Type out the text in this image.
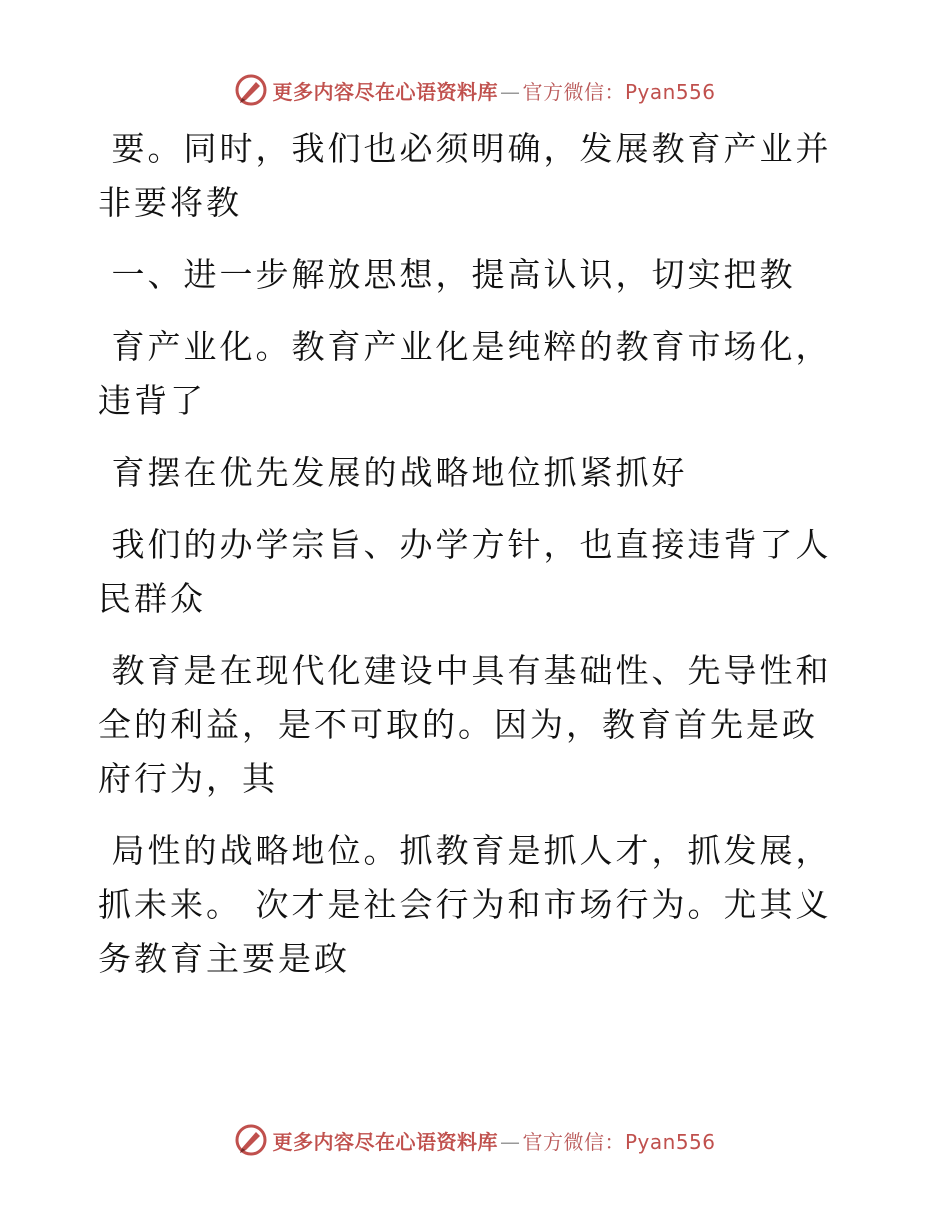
更多内容尽在心语资料库 — 官方微信：Pyan556

要。同时，我们也必须明确，发展教育产业并非要将教

一、进一步解放思想，提高认识，切实把教

育产业化。教育产业化是纯粹的教育市场化，违背了

育摆在优先发展的战略地位抓紧抓好

我们的办学宗旨、办学方针，也直接违背了人民群众

教育是在现代化建设中具有基础性、先导性和全的利益，是不可取的。因为，教育首先是政府行为，其

局性的战略地位。抓教育是抓人才，抓发展，抓未来。 次才是社会行为和市场行为。尤其义务教育主要是政

更多内容尽在心语资料库 — 官方微信：Pyan556
